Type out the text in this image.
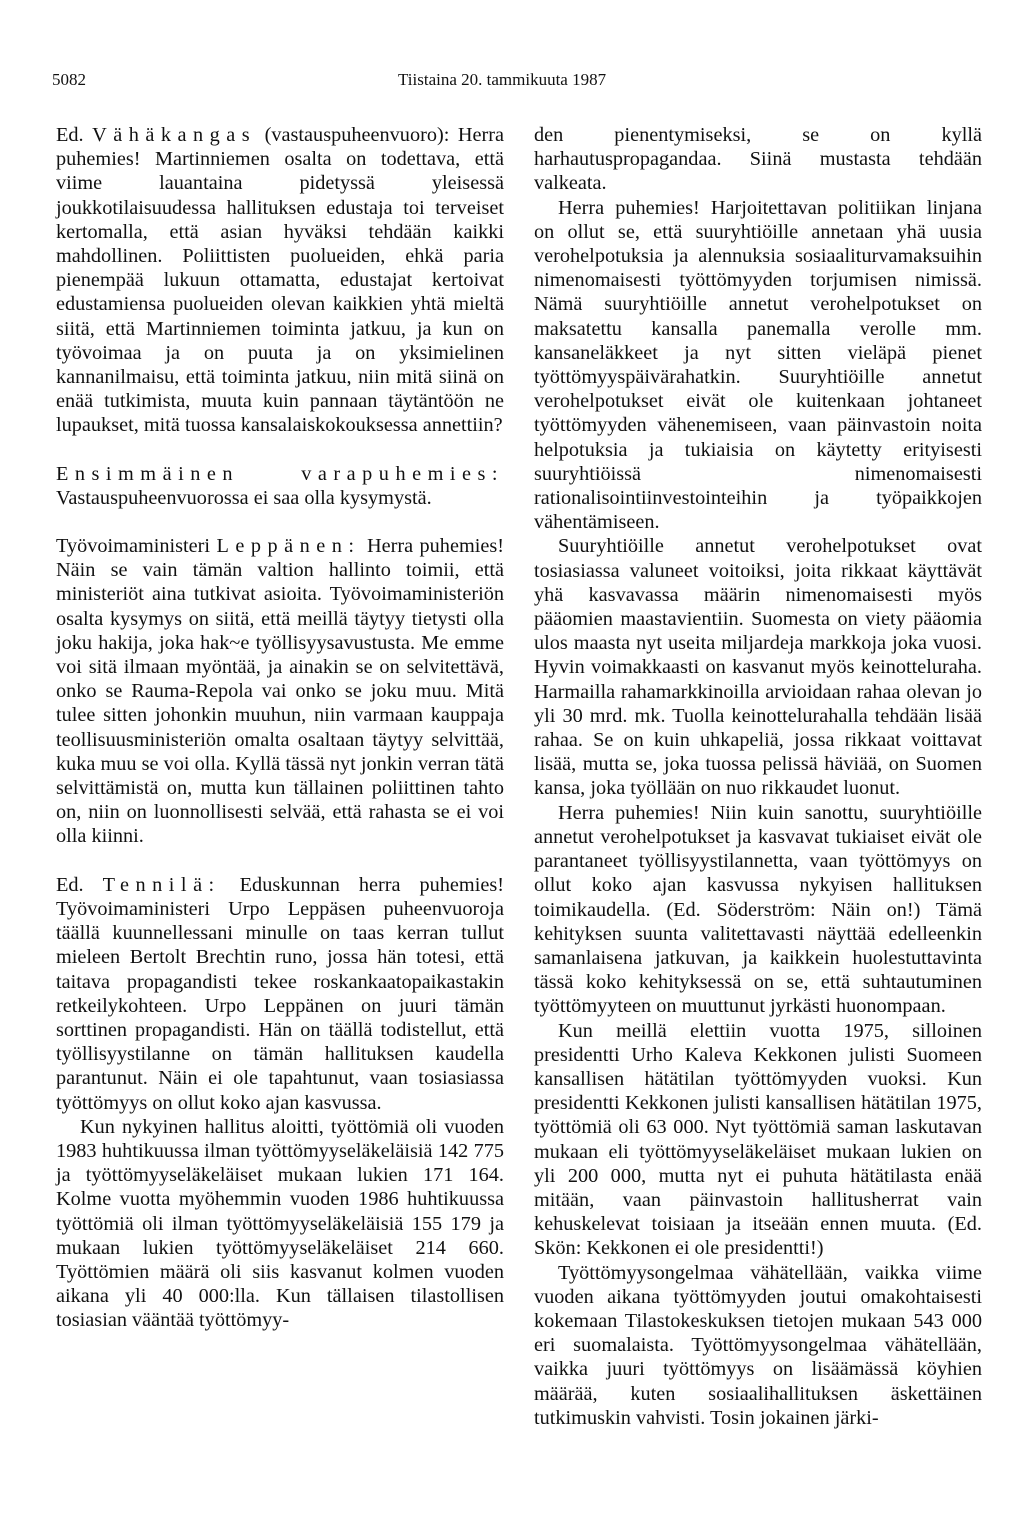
5082	Tiistaina 20. tammikuuta 1987

Ed. Vähäkangas (vastauspuheenvuoro): Herra puhemies! Martinniemen osalta on todettava, että viime lauantaina pidetyssä yleisessä joukkotilaisuudessa hallituksen edustaja toi terveiset kertomalla, että asian hyväksi tehdään kaikki mahdollinen. Poliittisten puolueiden, ehkä paria pienempää lukuun ottamatta, edustajat kertoivat edustamiensa puolueiden olevan kaikkien yhtä mieltä siitä, että Martinniemen toiminta jatkuu, ja kun on työvoimaa ja on puuta ja on yksimielinen kannanilmaisu, että toiminta jatkuu, niin mitä siinä on enää tutkimista, muuta kuin pannaan täytäntöön ne lupaukset, mitä tuossa kansalaiskokouksessa annettiin?

Ensimmäinen varapuhemies: Vastauspuheenvuorossa ei saa olla kysymystä.

Työvoimaministeri Leppänen: Herra puhemies! Näin se vain tämän valtion hallinto toimii, että ministeriöt aina tutkivat asioita. Työvoimaministeriön osalta kysymys on siitä, että meillä täytyy tietysti olla joku hakija, joka hak~e työllisyysavustusta. Me emme voi sitä ilmaan myöntää, ja ainakin se on selvitettävä, onko se Rauma-Repola vai onko se joku muu. Mitä tulee sitten johonkin muuhun, niin varmaan kauppaja teollisuusministeriön omalta osaltaan täytyy selvittää, kuka muu se voi olla. Kyllä tässä nyt jonkin verran tätä selvittämistä on, mutta kun tällainen poliittinen tahto on, niin on luonnollisesti selvää, että rahasta se ei voi olla kiinni.

Ed. Tennilä: Eduskunnan herra puhemies! Työvoimaministeri Urpo Leppäsen puheenvuoroja täällä kuunnellessani minulle on taas kerran tullut mieleen Bertolt Brechtin runo, jossa hän totesi, että taitava propagandisti tekee roskankaatopaikastakin retkeilykohteen. Urpo Leppänen on juuri tämän sorttinen propagandisti. Hän on täällä todistellut, että työllisyystilanne on tämän hallituksen kaudella parantunut. Näin ei ole tapahtunut, vaan tosiasiassa työttömyys on ollut koko ajan kasvussa.

Kun nykyinen hallitus aloitti, työttömiä oli vuoden 1983 huhtikuussa ilman työttömyyseläkeläisiä 142 775 ja työttömyyseläkeläiset mukaan lukien 171 164. Kolme vuotta myöhemmin vuoden 1986 huhtikuussa työttömiä oli ilman työttömyyseläkeläisiä 155 179 ja mukaan lukien työttömyyseläkeläiset 214 660. Työttömien määrä oli siis kasvanut kolmen vuoden aikana yli 40 000:lla. Kun tällaisen tilastollisen tosiasian vääntää työttömyy-

den pienentymiseksi, se on kyllä harhautuspropagandaa. Siinä mustasta tehdään valkeata.

Herra puhemies! Harjoitettavan politiikan linjana on ollut se, että suuryhtiöille annetaan yhä uusia verohelpotuksia ja alennuksia sosiaaliturvamaksuihin nimenomaisesti työttömyyden torjumisen nimissä. Nämä suuryhtiöille annetut verohelpotukset on maksatettu kansalla panemalla verolle mm. kansaneläkkeet ja nyt sitten vieläpä pienet työttömyyspäivärahatkin. Suuryhtiöille annetut verohelpotukset eivät ole kuitenkaan johtaneet työttömyyden vähenemiseen, vaan päinvastoin noita helpotuksia ja tukiaisia on käytetty erityisesti suuryhtiöissä nimenomaisesti rationalisointiinvestointeihin ja työpaikkojen vähentämiseen.

Suuryhtiöille annetut verohelpotukset ovat tosiasiassa valuneet voitoiksi, joita rikkaat käyttävät yhä kasvavassa määrin nimenomaisesti myös pääomien maastavientiin. Suomesta on viety pääomia ulos maasta nyt useita miljardeja markkoja joka vuosi. Hyvin voimakkaasti on kasvanut myös keinotteluraha. Harmailla rahamarkkinoilla arvioidaan rahaa olevan jo yli 30 mrd. mk. Tuolla keinottelurahalla tehdään lisää rahaa. Se on kuin uhkapeliä, jossa rikkaat voittavat lisää, mutta se, joka tuossa pelissä häviää, on Suomen kansa, joka työllään on nuo rikkaudet luonut.

Herra puhemies! Niin kuin sanottu, suuryhtiöille annetut verohelpotukset ja kasvavat tukiaiset eivät ole parantaneet työllisyystilannetta, vaan työttömyys on ollut koko ajan kasvussa nykyisen hallituksen toimikaudella. (Ed. Söderström: Näin on!) Tämä kehityksen suunta valitettavasti näyttää edelleenkin samanlaisena jatkuvan, ja kaikkein huolestuttavinta tässä koko kehityksessä on se, että suhtautuminen työttömyyteen on muuttunut jyrkästi huonompaan.

Kun meillä elettiin vuotta 1975, silloinen presidentti Urho Kaleva Kekkonen julisti Suomeen kansallisen hätätilan työttömyyden vuoksi. Kun presidentti Kekkonen julisti kansallisen hätätilan 1975, työttömiä oli 63 000. Nyt työttömiä saman laskutavan mukaan eli työttömyyseläkeläiset mukaan lukien on yli 200 000, mutta nyt ei puhuta hätätilasta enää mitään, vaan päinvastoin hallitusherrat vain kehuskelevat toisiaan ja itseään ennen muuta. (Ed. Skön: Kekkonen ei ole presidentti!)

Työttömyysongelmaa vähätellään, vaikka viime vuoden aikana työttömyyden joutui omakohtaisesti kokemaan Tilastokeskuksen tietojen mukaan 543 000 eri suomalaista. Työttömyysongelmaa vähätellään, vaikka juuri työttömyys on lisäämässä köyhien määrää, kuten sosiaalihallituksen äskettäinen tutkimuskin vahvisti. Tosin jokainen järki-
